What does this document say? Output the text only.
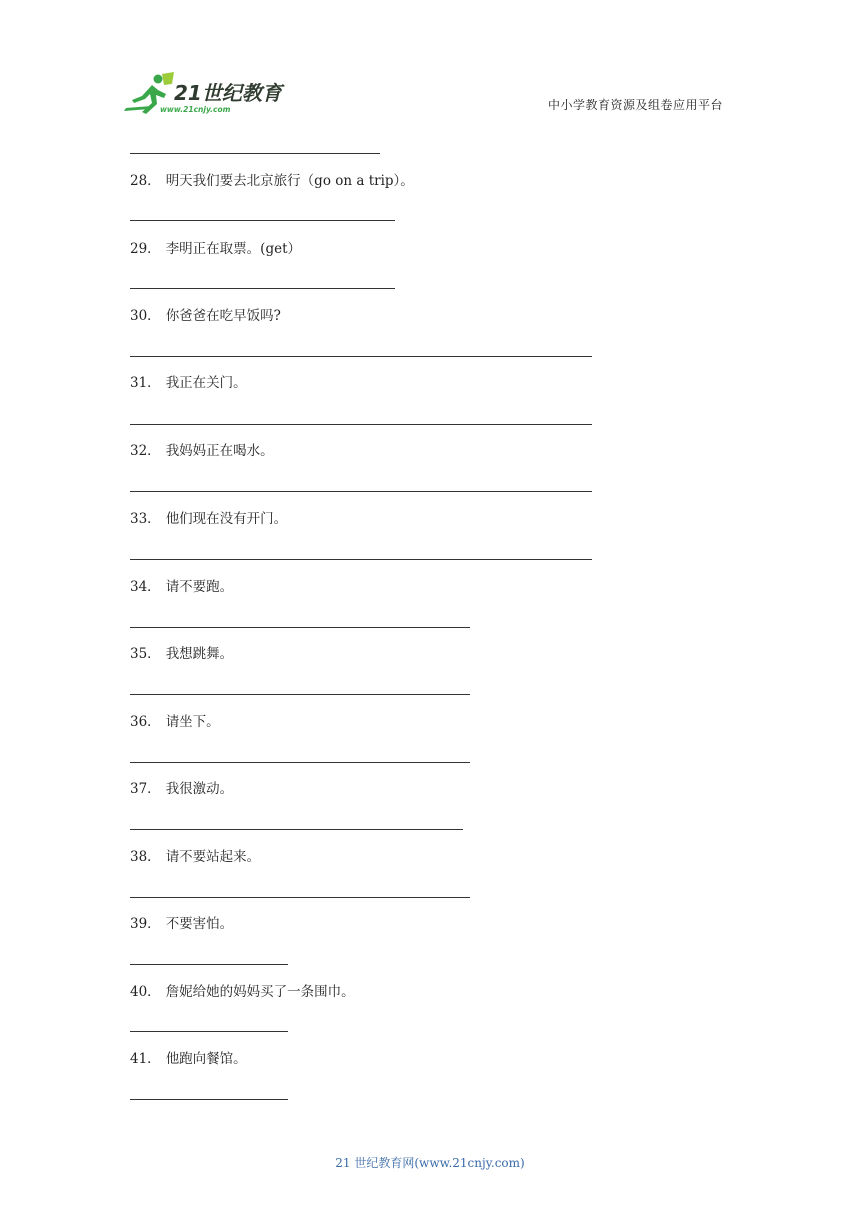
21世纪教育
www.21cnjy.com	中小学教育资源及组卷应用平台
28． 明天我们要去北京旅行（go on a trip）。
29． 李明正在取票。(get）
30． 你爸爸在吃早饭吗?
31． 我正在关门。
32． 我妈妈正在喝水。
33． 他们现在没有开门。
34． 请不要跑。
35． 我想跳舞。
36． 请坐下。
37． 我很激动。
38． 请不要站起来。
39． 不要害怕。
40． 詹妮给她的妈妈买了一条围巾。
41． 他跑向餐馆。
21 世纪教育网(www.21cnjy.com)
